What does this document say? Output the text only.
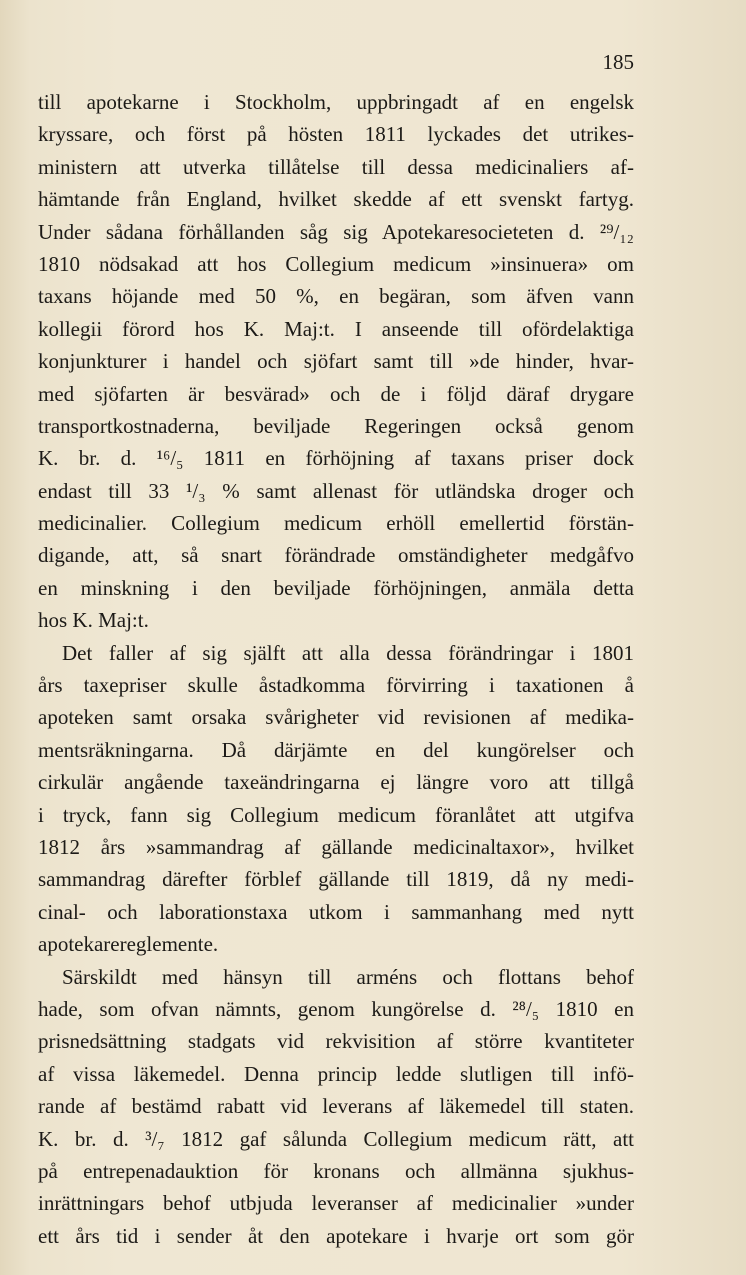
185
till apotekarne i Stockholm, uppbringadt af en engelsk
kryssare, och först på hösten 1811 lyckades det utrikes-
ministern att utverka tillåtelse till dessa medicinaliers af-
hämtande från England, hvilket skedde af ett svenskt fartyg.
Under sådana förhållanden såg sig Apotekaresocieteten d. ²⁹/₁₂
1810 nödsakad att hos Collegium medicum »insinuera» om
taxans höjande med 50 %, en begäran, som äfven vann
kollegii förord hos K. Maj:t. I anseende till ofördelaktiga
konjunkturer i handel och sjöfart samt till »de hinder, hvar-
med sjöfarten är besvärad» och de i följd däraf drygare
transportkostnaderna, beviljade Regeringen också genom
K. br. d. ¹⁶/₅ 1811 en förhöjning af taxans priser dock
endast till 33 ¹/₃ % samt allenast för utländska droger och
medicinalier. Collegium medicum erhöll emellertid förstän-
digande, att, så snart förändrade omständigheter medgåfvo
en minskning i den beviljade förhöjningen, anmäla detta
hos K. Maj:t.
Det faller af sig själft att alla dessa förändringar i 1801
års taxepriser skulle åstadkomma förvirring i taxationen å
apoteken samt orsaka svårigheter vid revisionen af medika-
mentsräkningarna. Då därjämte en del kungörelser och
cirkulär angående taxeändringarna ej längre voro att tillgå
i tryck, fann sig Collegium medicum föranlåtet att utgifva
1812 års »sammandrag af gällande medicinaltaxor», hvilket
sammandrag därefter förblef gällande till 1819, då ny medi-
cinal- och laborationstaxa utkom i sammanhang med nytt
apotekarereglemente.
Särskildt med hänsyn till arméns och flottans behof
hade, som ofvan nämnts, genom kungörelse d. ²⁸/₅ 1810 en
prisnedsättning stadgats vid rekvisition af större kvantiteter
af vissa läkemedel. Denna princip ledde slutligen till infö-
rande af bestämd rabatt vid leverans af läkemedel till staten.
K. br. d. ³/₇ 1812 gaf sålunda Collegium medicum rätt, att
på entrepenadauktion för kronans och allmänna sjukhus-
inrättningars behof utbjuda leveranser af medicinalier »under
ett års tid i sender åt den apotekare i hvarje ort som gör
